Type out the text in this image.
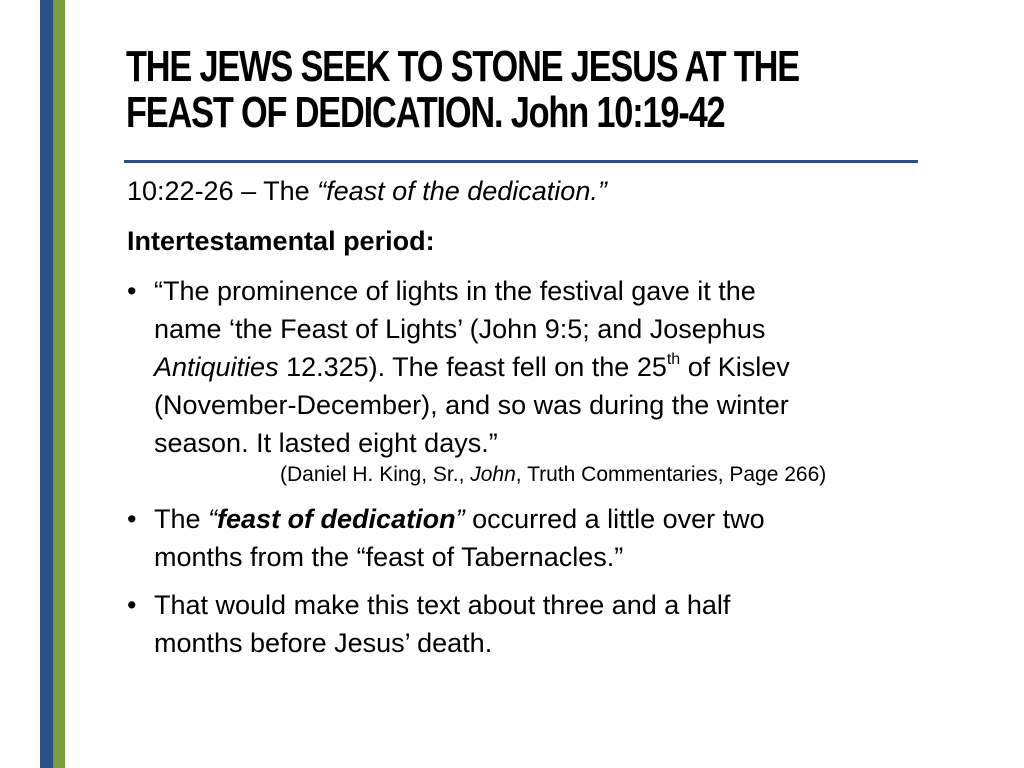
THE JEWS SEEK TO STONE JESUS AT THE
FEAST OF DEDICATION. John 10:19-42
10:22-26 – The “feast of the dedication.”
Intertestamental period:
• “The prominence of lights in the festival gave it the
name ‘the Feast of Lights’ (John 9:5; and Josephus
Antiquities 12.325). The feast fell on the 25th of Kislev
(November-December), and so was during the winter
season. It lasted eight days.”
(Daniel H. King, Sr., John, Truth Commentaries, Page 266)
• The “feast of dedication” occurred a little over two
months from the “feast of Tabernacles.”
• That would make this text about three and a half
months before Jesus’ death.
